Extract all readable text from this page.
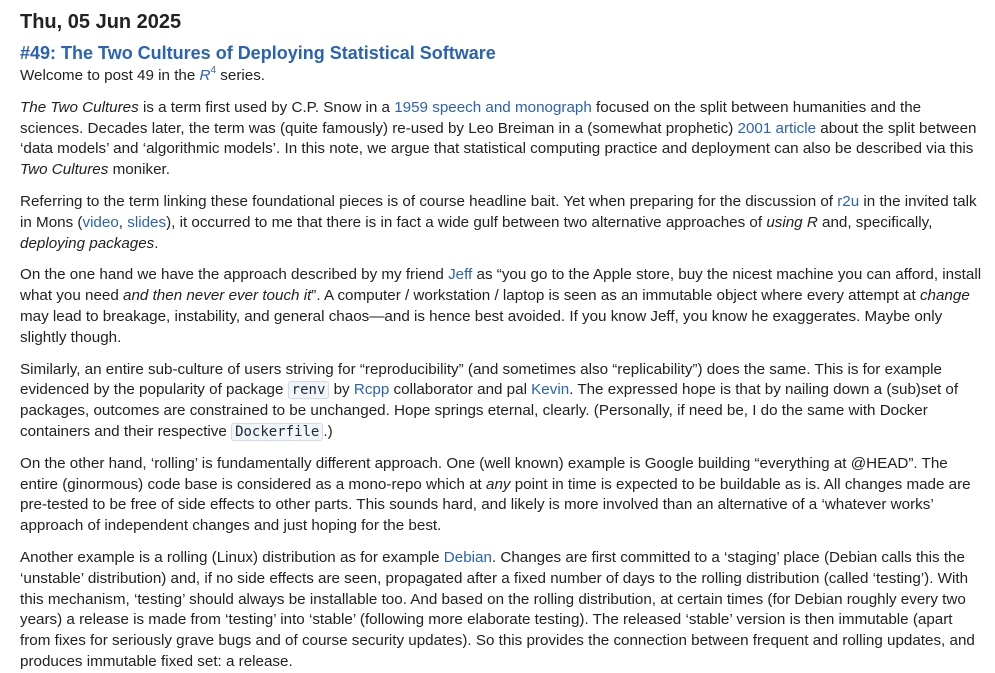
Thu, 05 Jun 2025
#49: The Two Cultures of Deploying Statistical Software

Welcome to post 49 in the R$^4$ series.

The Two Cultures is a term first used by C.P. Snow in a 1959 speech and monograph focused on the split between humanities and the sciences. Decades later, the term was (quite famously) re-used by Leo Breiman in a (somewhat prophetic) 2001 article about the split between ‘data models’ and ‘algorithmic models’. In this note, we argue that statistical computing practice and deployment can also be described via this Two Cultures moniker.

Referring to the term linking these foundational pieces is of course headline bait. Yet when preparing for the discussion of r2u in the invited talk in Mons (video, slides), it occurred to me that there is in fact a wide gulf between two alternative approaches of using R and, specifically, deploying packages.

On the one hand we have the approach described by my friend Jeff as “you go to the Apple store, buy the nicest machine you can afford, install what you need and then never ever touch it”. A computer / workstation / laptop is seen as an immutable object where every attempt at change may lead to breakage, instability, and general chaos—and is hence best avoided. If you know Jeff, you know he exaggerates. Maybe only slightly though.

Similarly, an entire sub-culture of users striving for “reproducibility” (and sometimes also “replicability”) does the same. This is for example evidenced by the popularity of package renv by Rcpp collaborator and pal Kevin. The expressed hope is that by nailing down a (sub)set of packages, outcomes are constrained to be unchanged. Hope springs eternal, clearly. (Personally, if need be, I do the same with Docker containers and their respective Dockerfile .)

On the other hand, ‘rolling’ is fundamentally different approach. One (well known) example is Google building “everything at @HEAD”. The entire (ginormous) code base is considered as a mono-repo which at any point in time is expected to be buildable as is. All changes made are pre-tested to be free of side effects to other parts. This sounds hard, and likely is more involved than an alternative of a ‘whatever works’ approach of independent changes and just hoping for the best.

Another example is a rolling (Linux) distribution as for example Debian. Changes are first committed to a ‘staging’ place (Debian calls this the ‘unstable’ distribution) and, if no side effects are seen, propagated after a fixed number of days to the rolling distribution (called ‘testing’). With this mechanism, ‘testing’ should always be installable too. And based on the rolling distribution, at certain times (for Debian roughly every two years) a release is made from ‘testing’ into ‘stable’ (following more elaborate testing). The released ‘stable’ version is then immutable (apart from fixes for seriously grave bugs and of course security updates). So this provides the connection between frequent and rolling updates, and produces immutable fixed set: a release.
